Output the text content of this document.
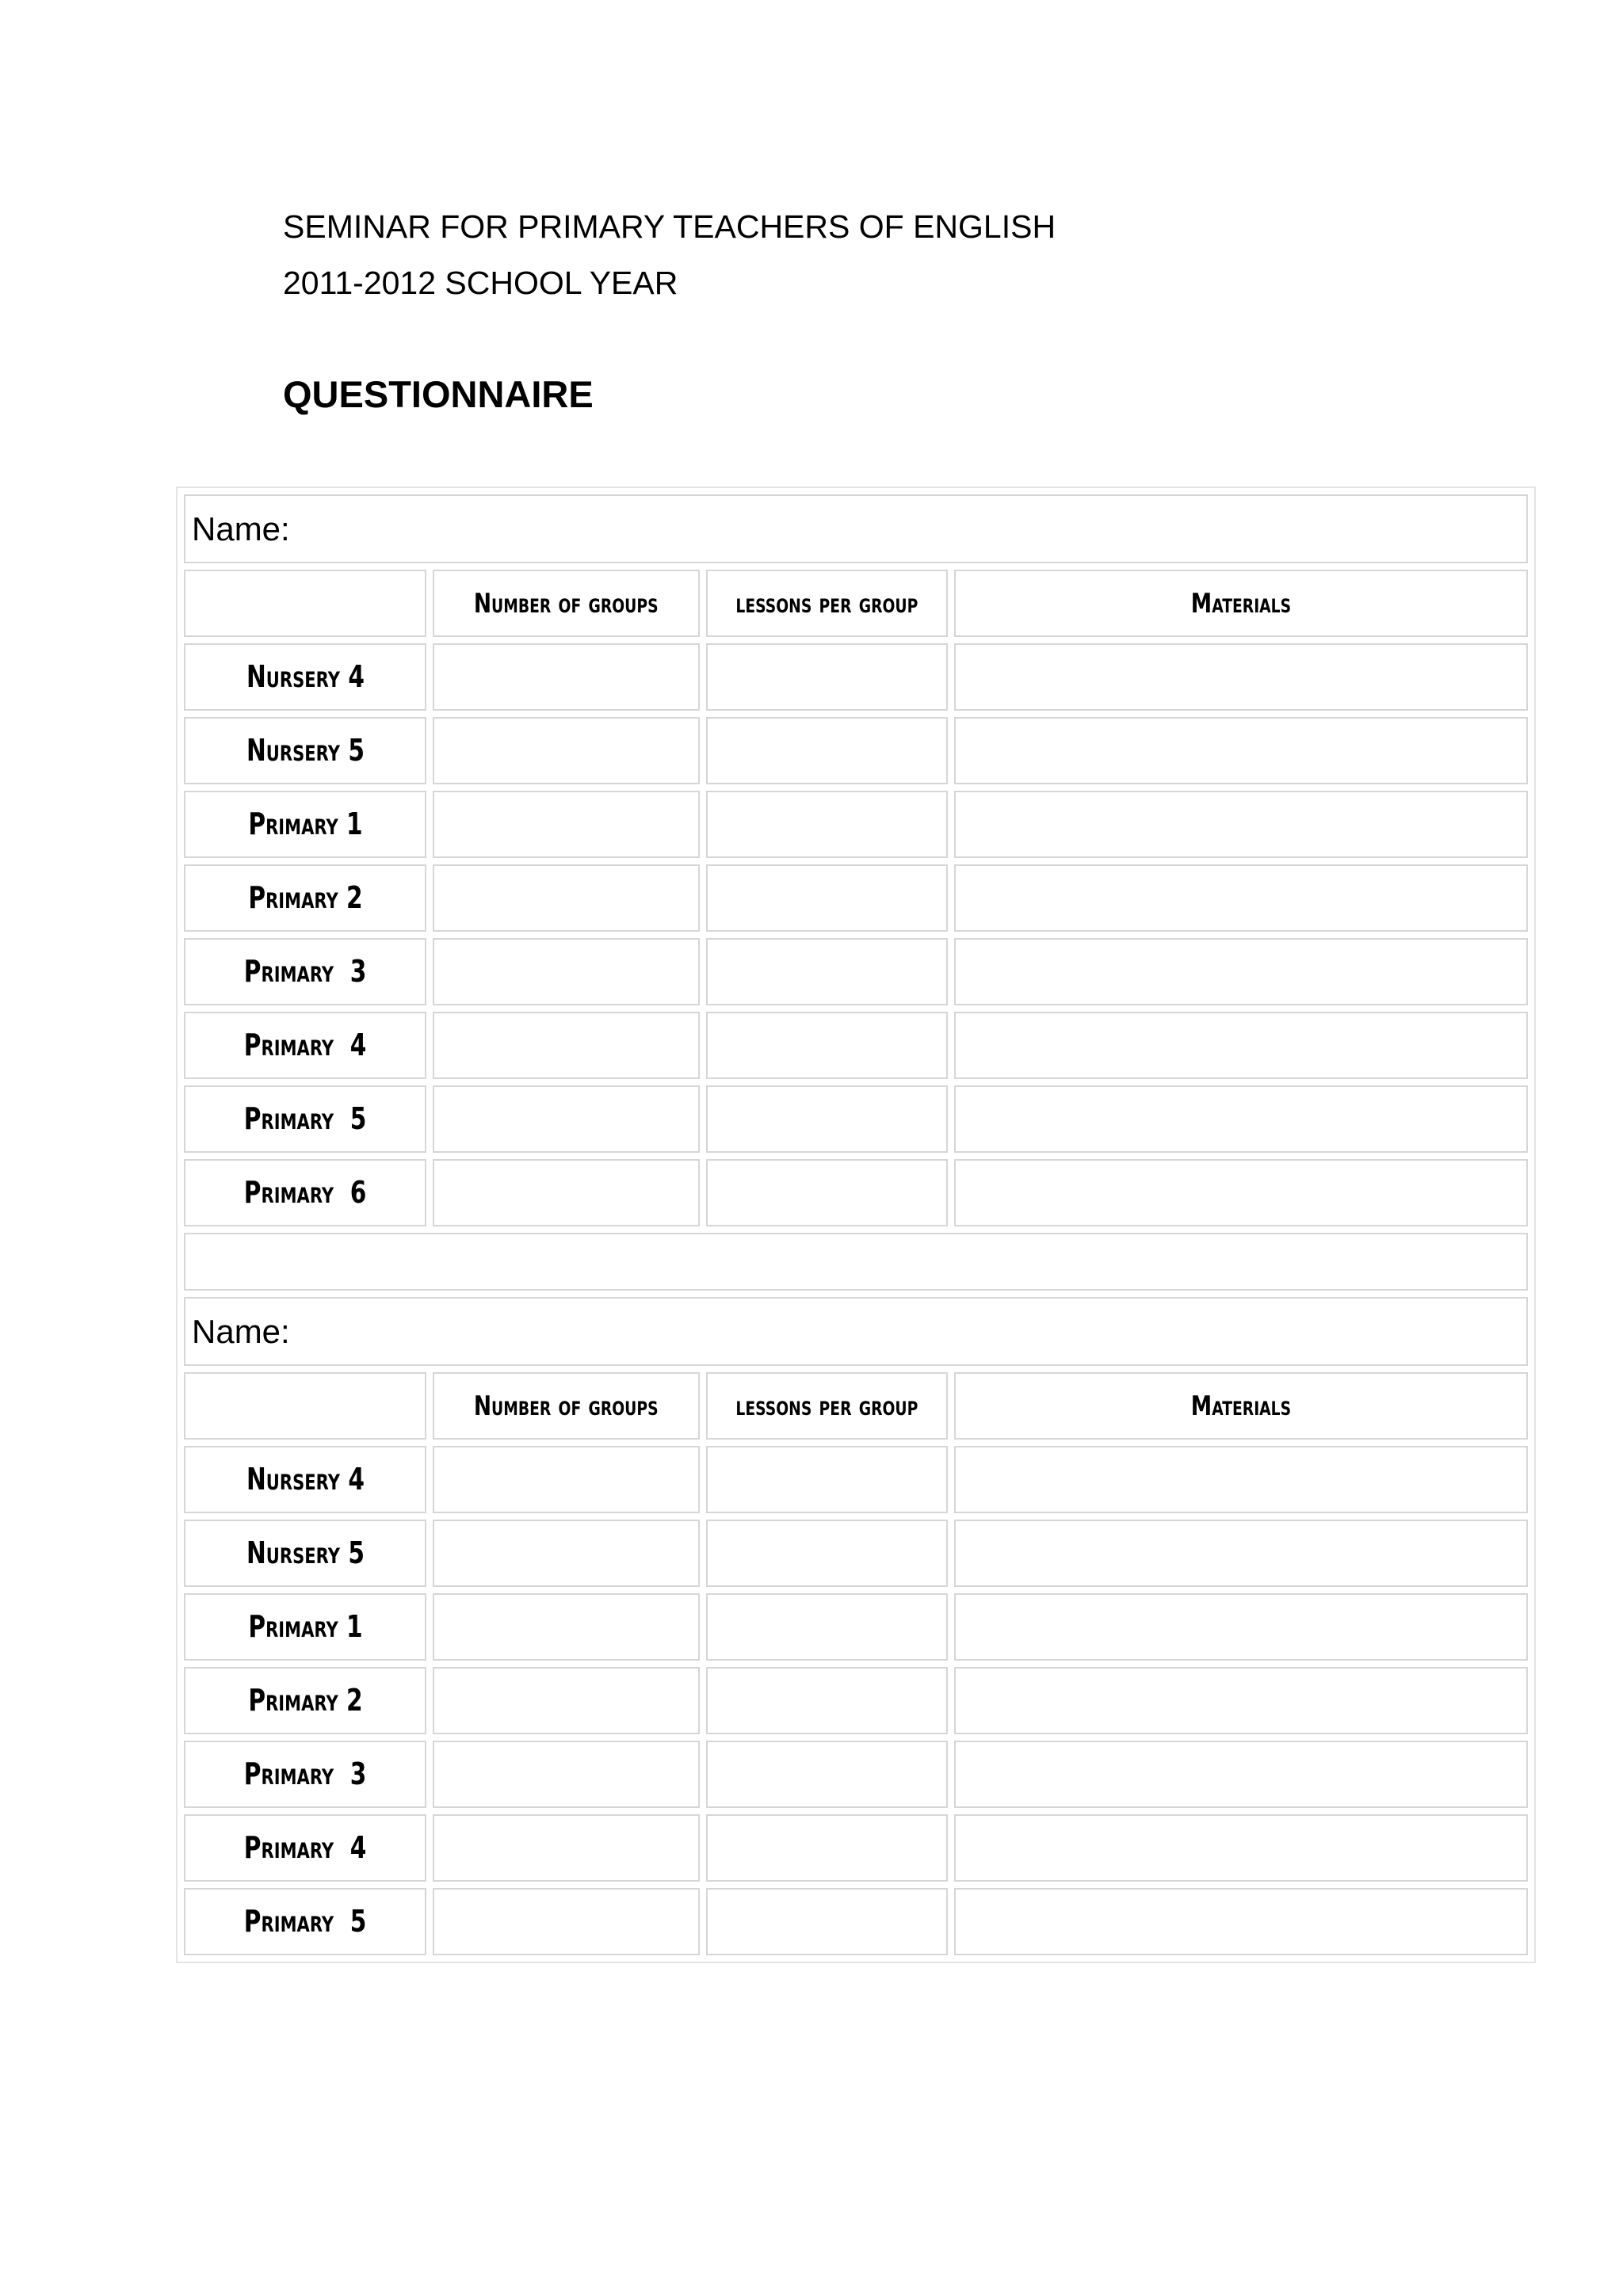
SEMINAR FOR PRIMARY TEACHERS OF ENGLISH
2011-2012 SCHOOL YEAR
QUESTIONNAIRE
Name:			
	Number of groups	lessons per group	Materials
Nursery 4			
Nursery 5			
Primary 1			
Primary 2			
Primary  3			
Primary  4			
Primary  5			
Primary  6			

Name:			
	Number of groups	lessons per group	Materials
Nursery 4			
Nursery 5			
Primary 1			
Primary 2			
Primary  3			
Primary  4			
Primary  5			
